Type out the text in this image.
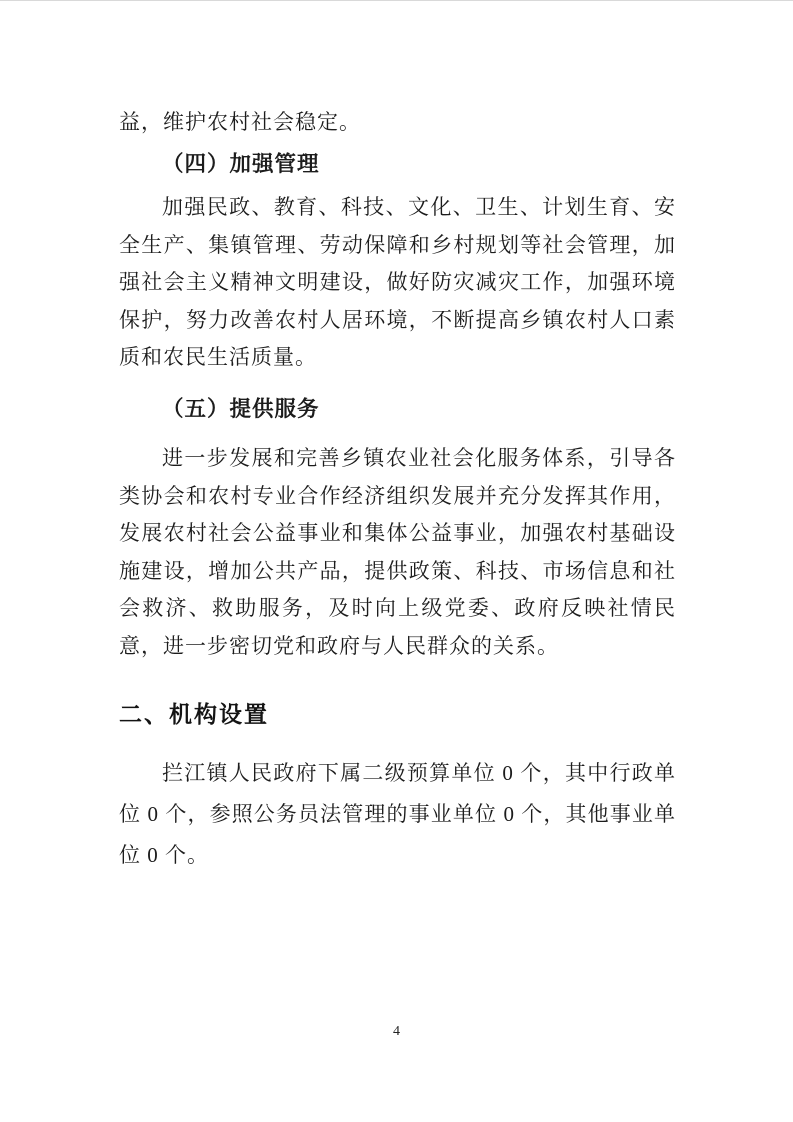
益，维护农村社会稳定。

（四）加强管理

加强民政、教育、科技、文化、卫生、计划生育、安全生产、集镇管理、劳动保障和乡村规划等社会管理，加强社会主义精神文明建设，做好防灾减灾工作，加强环境保护，努力改善农村人居环境，不断提高乡镇农村人口素质和农民生活质量。

（五）提供服务

进一步发展和完善乡镇农业社会化服务体系，引导各类协会和农村专业合作经济组织发展并充分发挥其作用，发展农村社会公益事业和集体公益事业，加强农村基础设施建设，增加公共产品，提供政策、科技、市场信息和社会救济、救助服务，及时向上级党委、政府反映社情民意，进一步密切党和政府与人民群众的关系。

二、机构设置

拦江镇人民政府下属二级预算单位 0 个，其中行政单位 0 个，参照公务员法管理的事业单位 0 个，其他事业单位 0 个。

4
